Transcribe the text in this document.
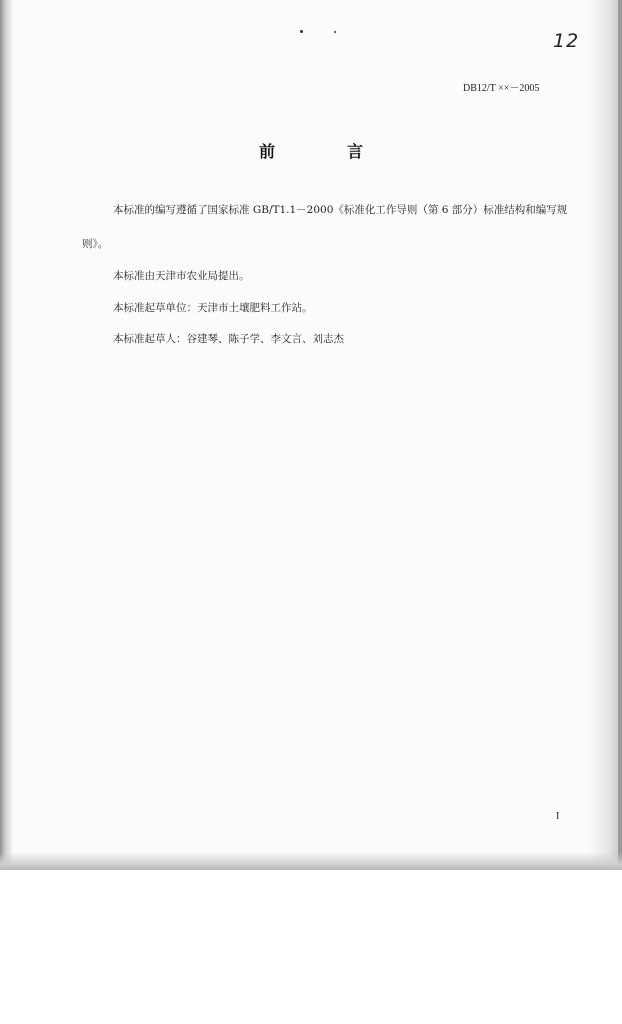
12
DB12/T ××－2005
前　言
本标准的编写遵循了国家标准 GB/T1.1－2000《标准化工作导则（第 6 部分）标准结构和编写规
则》。
本标准由天津市农业局提出。
本标准起草单位：天津市土壤肥料工作站。
本标准起草人：谷建琴、陈子学、李文言、刘志杰
I
